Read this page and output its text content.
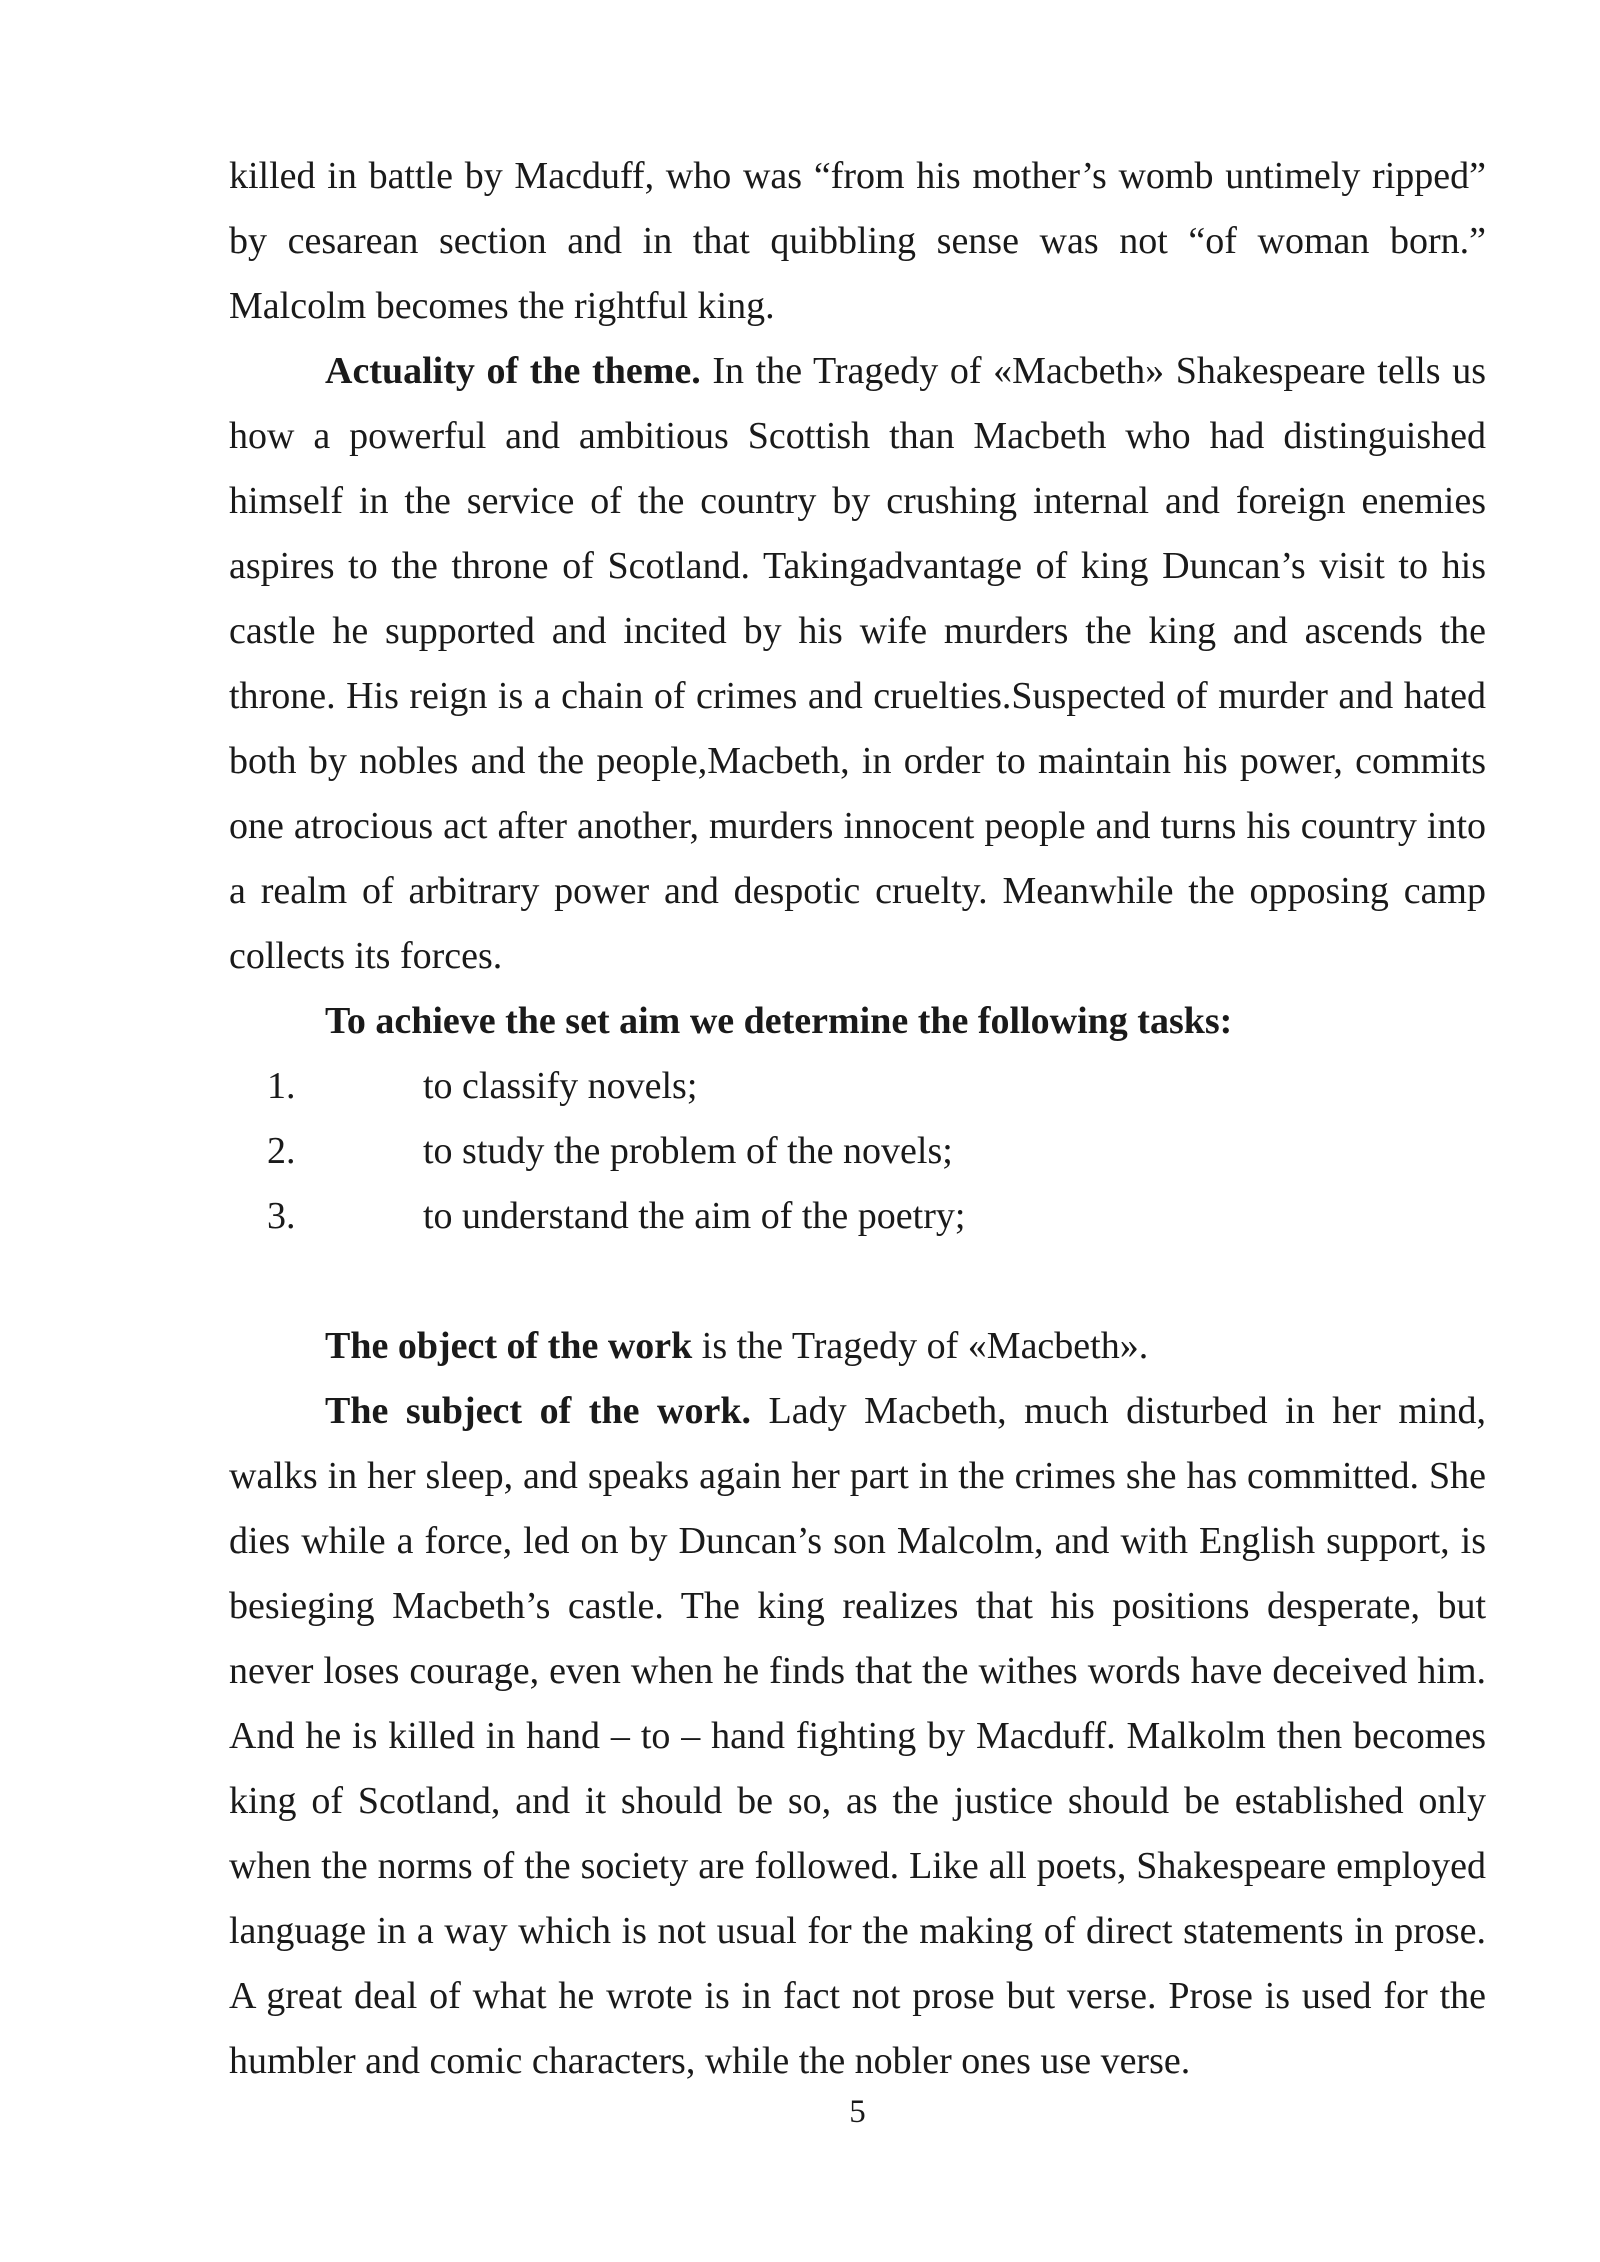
killed in battle by Macduff, who was “from his mother’s womb untimely ripped” by cesarean section and in that quibbling sense was not “of woman born.” Malcolm becomes the rightful king.

Actuality of the theme. In the Tragedy of «Macbeth» Shakespeare tells us how a powerful and ambitious Scottish than Macbeth who had distinguished himself in the service of the country by crushing internal and foreign enemies aspires to the throne of Scotland. Takingadvantage of king Duncan’s visit to his castle he supported and incited by his wife murders the king and ascends the throne. His reign is a chain of crimes and cruelties.Suspected of murder and hated both by nobles and the people,Macbeth, in order to maintain his power, commits one atrocious act after another, murders innocent people and turns his country into a realm of arbitrary power and despotic cruelty. Meanwhile the opposing camp collects its forces.

To achieve the set aim we determine the following tasks:

1.	to classify novels;
2.	to study the problem of the novels;
3.	to understand the aim of the poetry;

The object of the work is the Tragedy of «Macbeth».

The subject of the work. Lady Macbeth, much disturbed in her mind, walks in her sleep, and speaks again her part in the crimes she has committed. She dies while a force, led on by Duncan’s son Malcolm, and with English support, is besieging Macbeth’s castle. The king realizes that his positions desperate, but never loses courage, even when he finds that the withes words have deceived him. And he is killed in hand – to – hand fighting by Macduff. Malkolm then becomes king of Scotland, and it should be so, as the justice should be established only when the norms of the society are followed. Like all poets, Shakespeare employed language in a way which is not usual for the making of direct statements in prose. A great deal of what he wrote is in fact not prose but verse. Prose is used for the humbler and comic characters, while the nobler ones use verse.

5
